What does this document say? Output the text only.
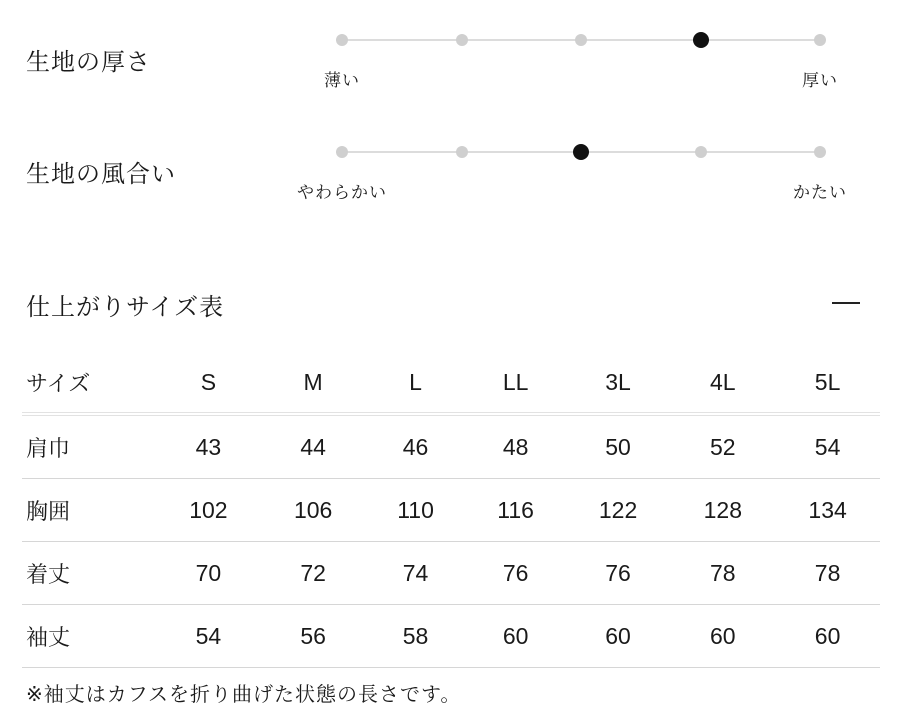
生地の厚さ
薄い	厚い
生地の風合い
やわらかい	かたい
仕上がりサイズ表
サイズ	S	M	L	LL	3L	4L	5L
肩巾	43	44	46	48	50	52	54
胸囲	102	106	110	116	122	128	134
着丈	70	72	74	76	76	78	78
袖丈	54	56	58	60	60	60	60
※袖丈はカフスを折り曲げた状態の長さです。
